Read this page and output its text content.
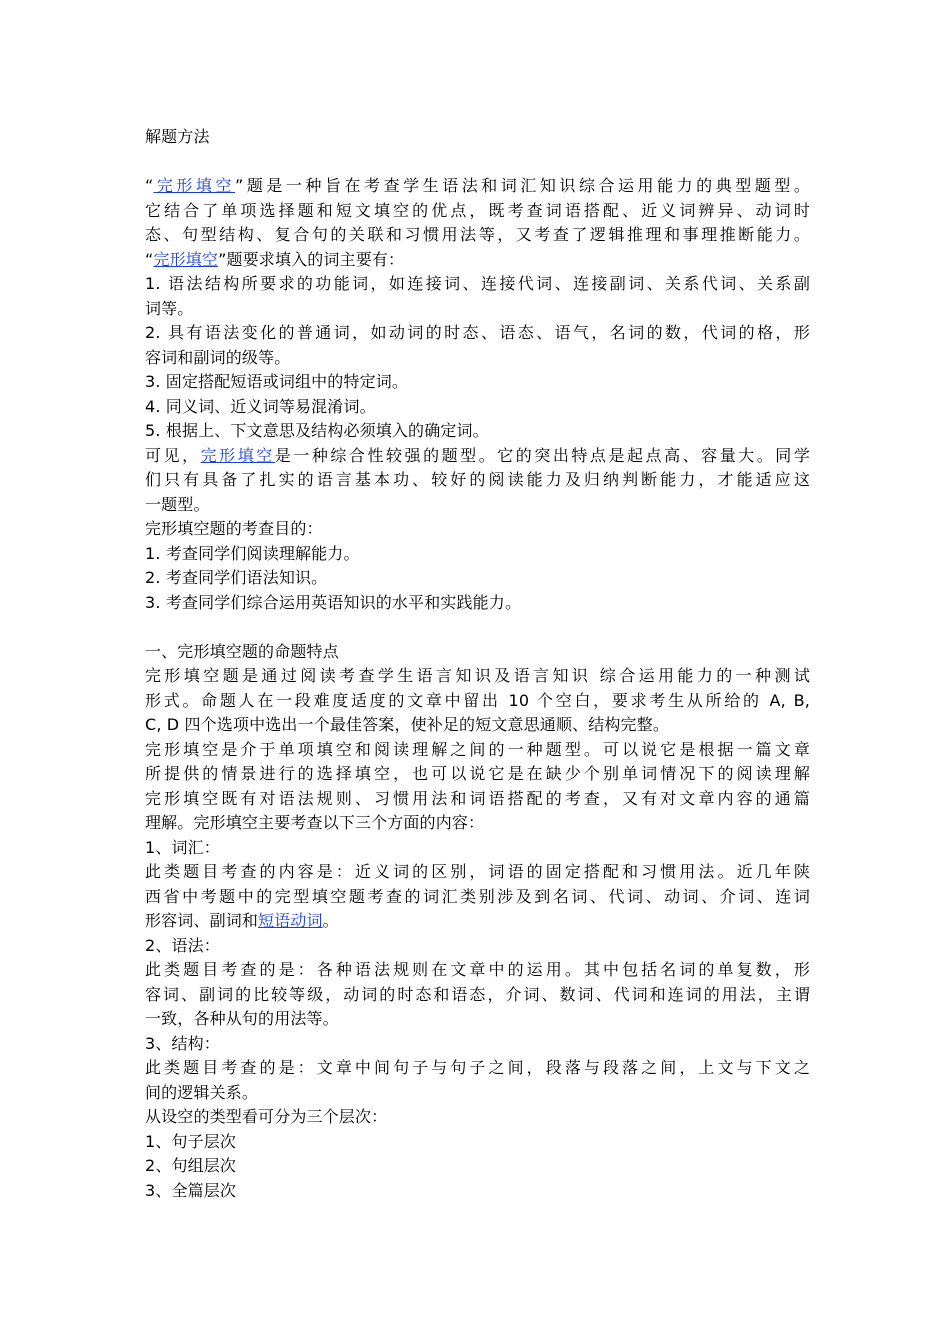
解题方法
“完形填空”题是一种旨在考查学生语法和词汇知识综合运用能力的典型题型。
它结合了单项选择题和短文填空的优点，既考查词语搭配、近义词辨异、动词时
态、句型结构、复合句的关联和习惯用法等，又考查了逻辑推理和事理推断能力。
“完形填空”题要求填入的词主要有：
1. 语法结构所要求的功能词，如连接词、连接代词、连接副词、关系代词、关系副
词等。
2. 具有语法变化的普通词，如动词的时态、语态、语气，名词的数，代词的格，形
容词和副词的级等。
3. 固定搭配短语或词组中的特定词。
4. 同义词、近义词等易混淆词。
5. 根据上、下文意思及结构必须填入的确定词。
可见，完形填空是一种综合性较强的题型。它的突出特点是起点高、容量大。同学
们只有具备了扎实的语言基本功、较好的阅读能力及归纳判断能力，才能适应这
一题型。
完形填空题的考查目的：
1. 考查同学们阅读理解能力。
2. 考查同学们语法知识。
3. 考查同学们综合运用英语知识的水平和实践能力。
一、完形填空题的命题特点
完形填空题是通过阅读考查学生语言知识及语言知识 综合运用能力的一种测试
形式。命题人在一段难度适度的文章中留出 10 个空白，要求考生从所给的 A, B,
C, D 四个选项中选出一个最佳答案，使补足的短文意思通顺、结构完整。
完形填空是介于单项填空和阅读理解之间的一种题型。可以说它是根据一篇文章
所提供的情景进行的选择填空，也可以说它是在缺少个别单词情况下的阅读理解
完形填空既有对语法规则、习惯用法和词语搭配的考查，又有对文章内容的通篇
理解。完形填空主要考查以下三个方面的内容：
1、词汇：
此类题目考查的内容是：近义词的区别，词语的固定搭配和习惯用法。近几年陕
西省中考题中的完型填空题考查的词汇类别涉及到名词、代词、动词、介词、连词
形容词、副词和短语动词。
2、语法：
此类题目考查的是：各种语法规则在文章中的运用。其中包括名词的单复数，形
容词、副词的比较等级，动词的时态和语态，介词、数词、代词和连词的用法，主谓
一致，各种从句的用法等。
3、结构：
此类题目考查的是：文章中间句子与句子之间，段落与段落之间，上文与下文之
间的逻辑关系。
从设空的类型看可分为三个层次：
1、句子层次
2、句组层次
3、全篇层次
